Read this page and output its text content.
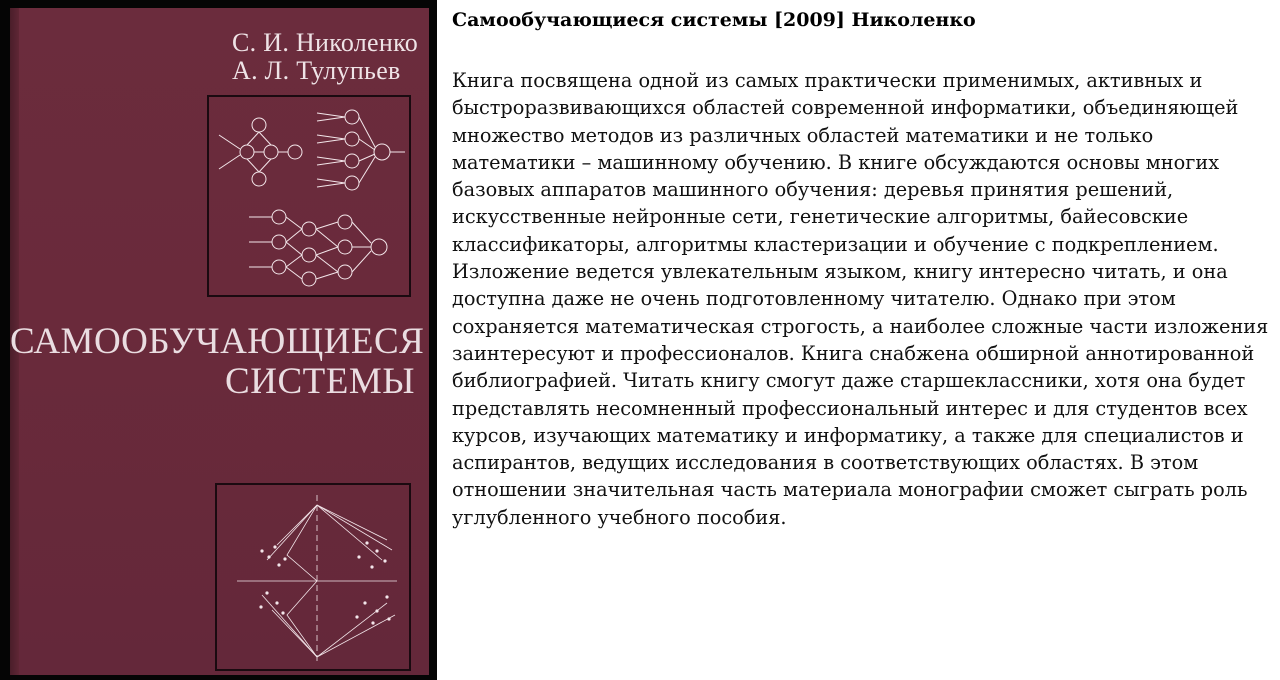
С. И. Николенко
А. Л. Тулупьев
САМООБУЧАЮЩИЕСЯ
СИСТЕМЫ
Самообучающиеся системы [2009] Николенко

Книга посвящена одной из самых практически применимых, активных и быстроразвивающихся областей современной информатики, объединяющей множество методов из различных областей математики и не только математики – машинному обучению. В книге обсуждаются основы многих базовых аппаратов машинного обучения: деревья принятия решений, искусственные нейронные сети, генетические алгоритмы, байесовские классификаторы, алгоритмы кластеризации и обучение с подкреплением. Изложение ведется увлекательным языком, книгу интересно читать, и она доступна даже не очень подготовленному читателю. Однако при этом сохраняется математическая строгость, а наиболее сложные части изложения заинтересуют и профессионалов. Книга снабжена обширной аннотированной библиографией. Читать книгу смогут даже старшеклассники, хотя она будет представлять несомненный профессиональный интерес и для студентов всех курсов, изучающих математику и информатику, а также для специалистов и аспирантов, ведущих исследования в соответствующих областях. В этом отношении значительная часть материала монографии сможет сыграть роль углубленного учебного пособия.
